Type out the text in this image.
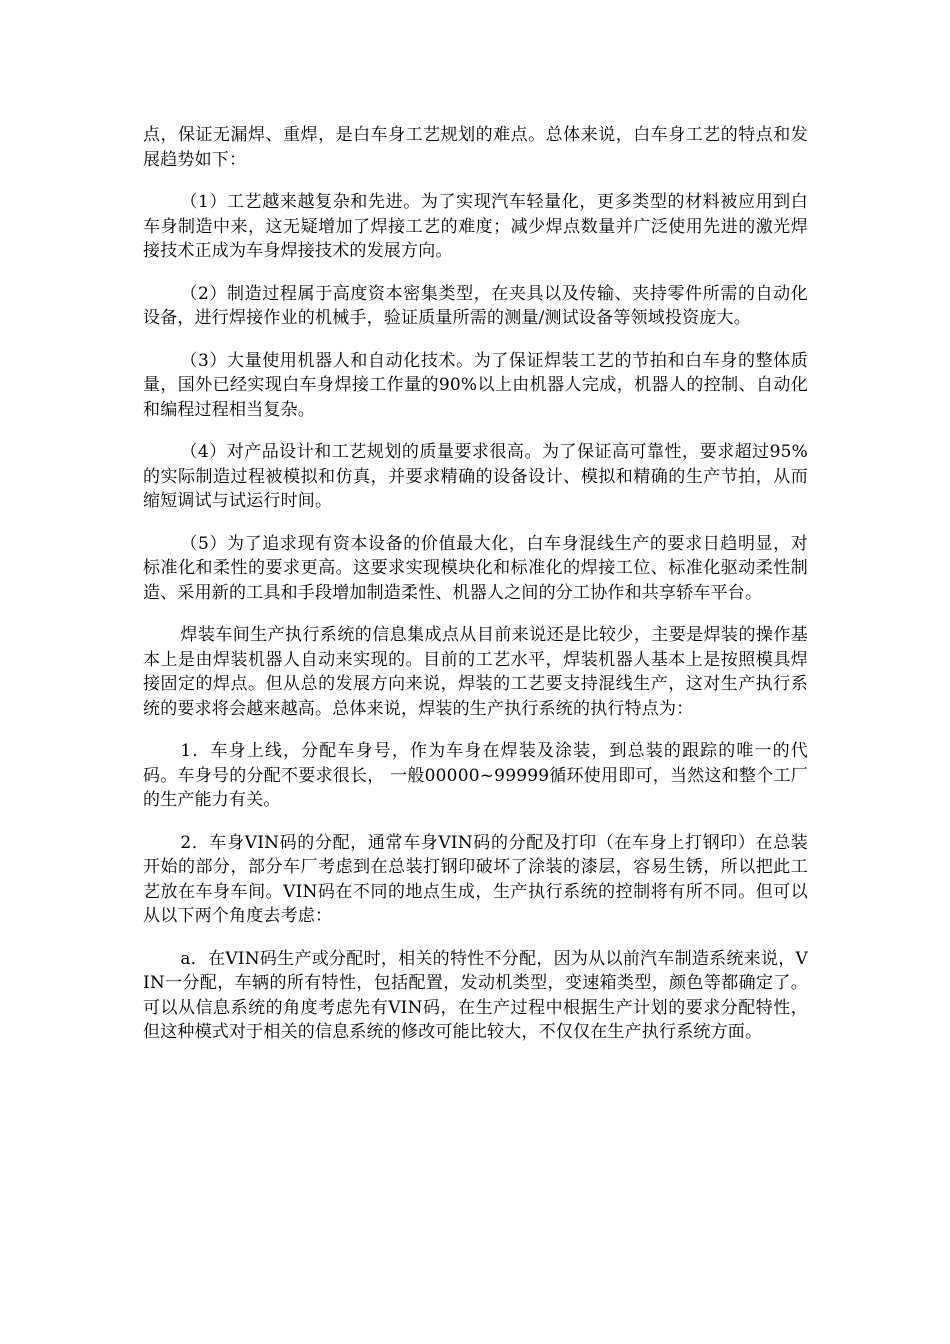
点，保证无漏焊、重焊，是白车身工艺规划的难点。总体来说，白车身工艺的特点和发展趋势如下：

（1）工艺越来越复杂和先进。为了实现汽车轻量化，更多类型的材料被应用到白车身制造中来，这无疑增加了焊接工艺的难度；减少焊点数量并广泛使用先进的激光焊接技术正成为车身焊接技术的发展方向。

（2）制造过程属于高度资本密集类型，在夹具以及传输、夹持零件所需的自动化设备，进行焊接作业的机械手，验证质量所需的测量/测试设备等领域投资庞大。

（3）大量使用机器人和自动化技术。为了保证焊装工艺的节拍和白车身的整体质量，国外已经实现白车身焊接工作量的90%以上由机器人完成，机器人的控制、自动化和编程过程相当复杂。

（4）对产品设计和工艺规划的质量要求很高。为了保证高可靠性，要求超过95%的实际制造过程被模拟和仿真，并要求精确的设备设计、模拟和精确的生产节拍，从而缩短调试与试运行时间。

（5）为了追求现有资本设备的价值最大化，白车身混线生产的要求日趋明显，对标准化和柔性的要求更高。这要求实现模块化和标准化的焊接工位、标准化驱动柔性制造、采用新的工具和手段增加制造柔性、机器人之间的分工协作和共享轿车平台。

焊装车间生产执行系统的信息集成点从目前来说还是比较少，主要是焊装的操作基本上是由焊装机器人自动来实现的。目前的工艺水平，焊装机器人基本上是按照模具焊接固定的焊点。但从总的发展方向来说，焊装的工艺要支持混线生产，这对生产执行系统的要求将会越来越高。总体来说，焊装的生产执行系统的执行特点为：

1．车身上线，分配车身号，作为车身在焊装及涂装，到总装的跟踪的唯一的代码。车身号的分配不要求很长， 一般00000~99999循环使用即可，当然这和整个工厂的生产能力有关。

2．车身VIN码的分配，通常车身VIN码的分配及打印（在车身上打钢印）在总装开始的部分，部分车厂考虑到在总装打钢印破坏了涂装的漆层，容易生锈，所以把此工艺放在车身车间。VIN码在不同的地点生成，生产执行系统的控制将有所不同。但可以从以下两个角度去考虑：

a．在VIN码生产或分配时，相关的特性不分配，因为从以前汽车制造系统来说，VIN一分配，车辆的所有特性，包括配置，发动机类型，变速箱类型，颜色等都确定了。可以从信息系统的角度考虑先有VIN码，在生产过程中根据生产计划的要求分配特性，但这种模式对于相关的信息系统的修改可能比较大，不仅仅在生产执行系统方面。
